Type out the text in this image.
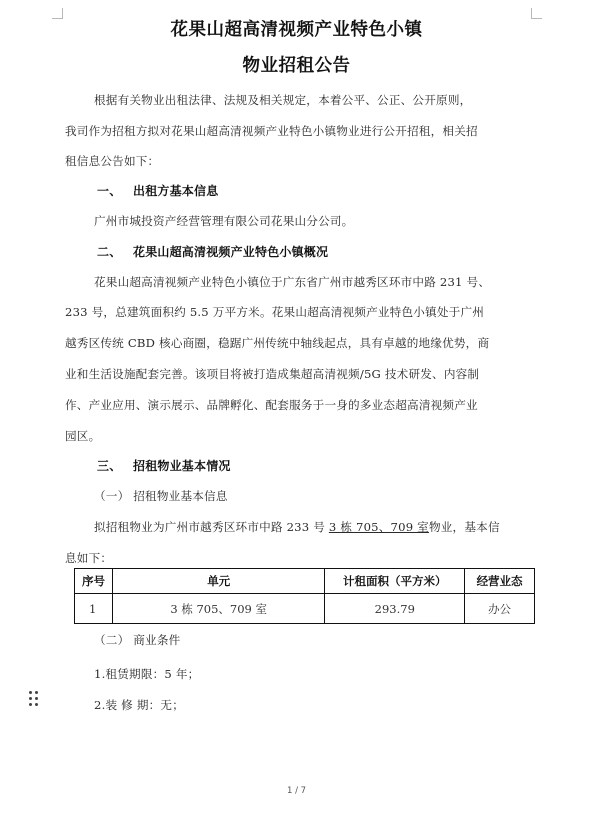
花果山超高清视频产业特色小镇
物业招租公告
根据有关物业出租法律、法规及相关规定，本着公平、公正、公开原则，
我司作为招租方拟对花果山超高清视频产业特色小镇物业进行公开招租，相关招
租信息公告如下：
一、 出租方基本信息
广州市城投资产经营管理有限公司花果山分公司。
二、 花果山超高清视频产业特色小镇概况
花果山超高清视频产业特色小镇位于广东省广州市越秀区环市中路 231 号、
233 号，总建筑面积约 5.5 万平方米。花果山超高清视频产业特色小镇处于广州
越秀区传统 CBD 核心商圈，稳踞广州传统中轴线起点，具有卓越的地缘优势，商
业和生活设施配套完善。该项目将被打造成集超高清视频/5G 技术研发、内容制
作、产业应用、演示展示、品牌孵化、配套服务于一身的多业态超高清视频产业
园区。
三、 招租物业基本情况
（一） 招租物业基本信息
拟招租物业为广州市越秀区环市中路 233 号 3 栋 705、709 室物业，基本信
息如下：
序号	单元	计租面积（平方米）	经营业态
1	3 栋 705、709 室	293.79	办公
（二） 商业条件
1.租赁期限：5 年；
2.装 修 期：无；
1 / 7
